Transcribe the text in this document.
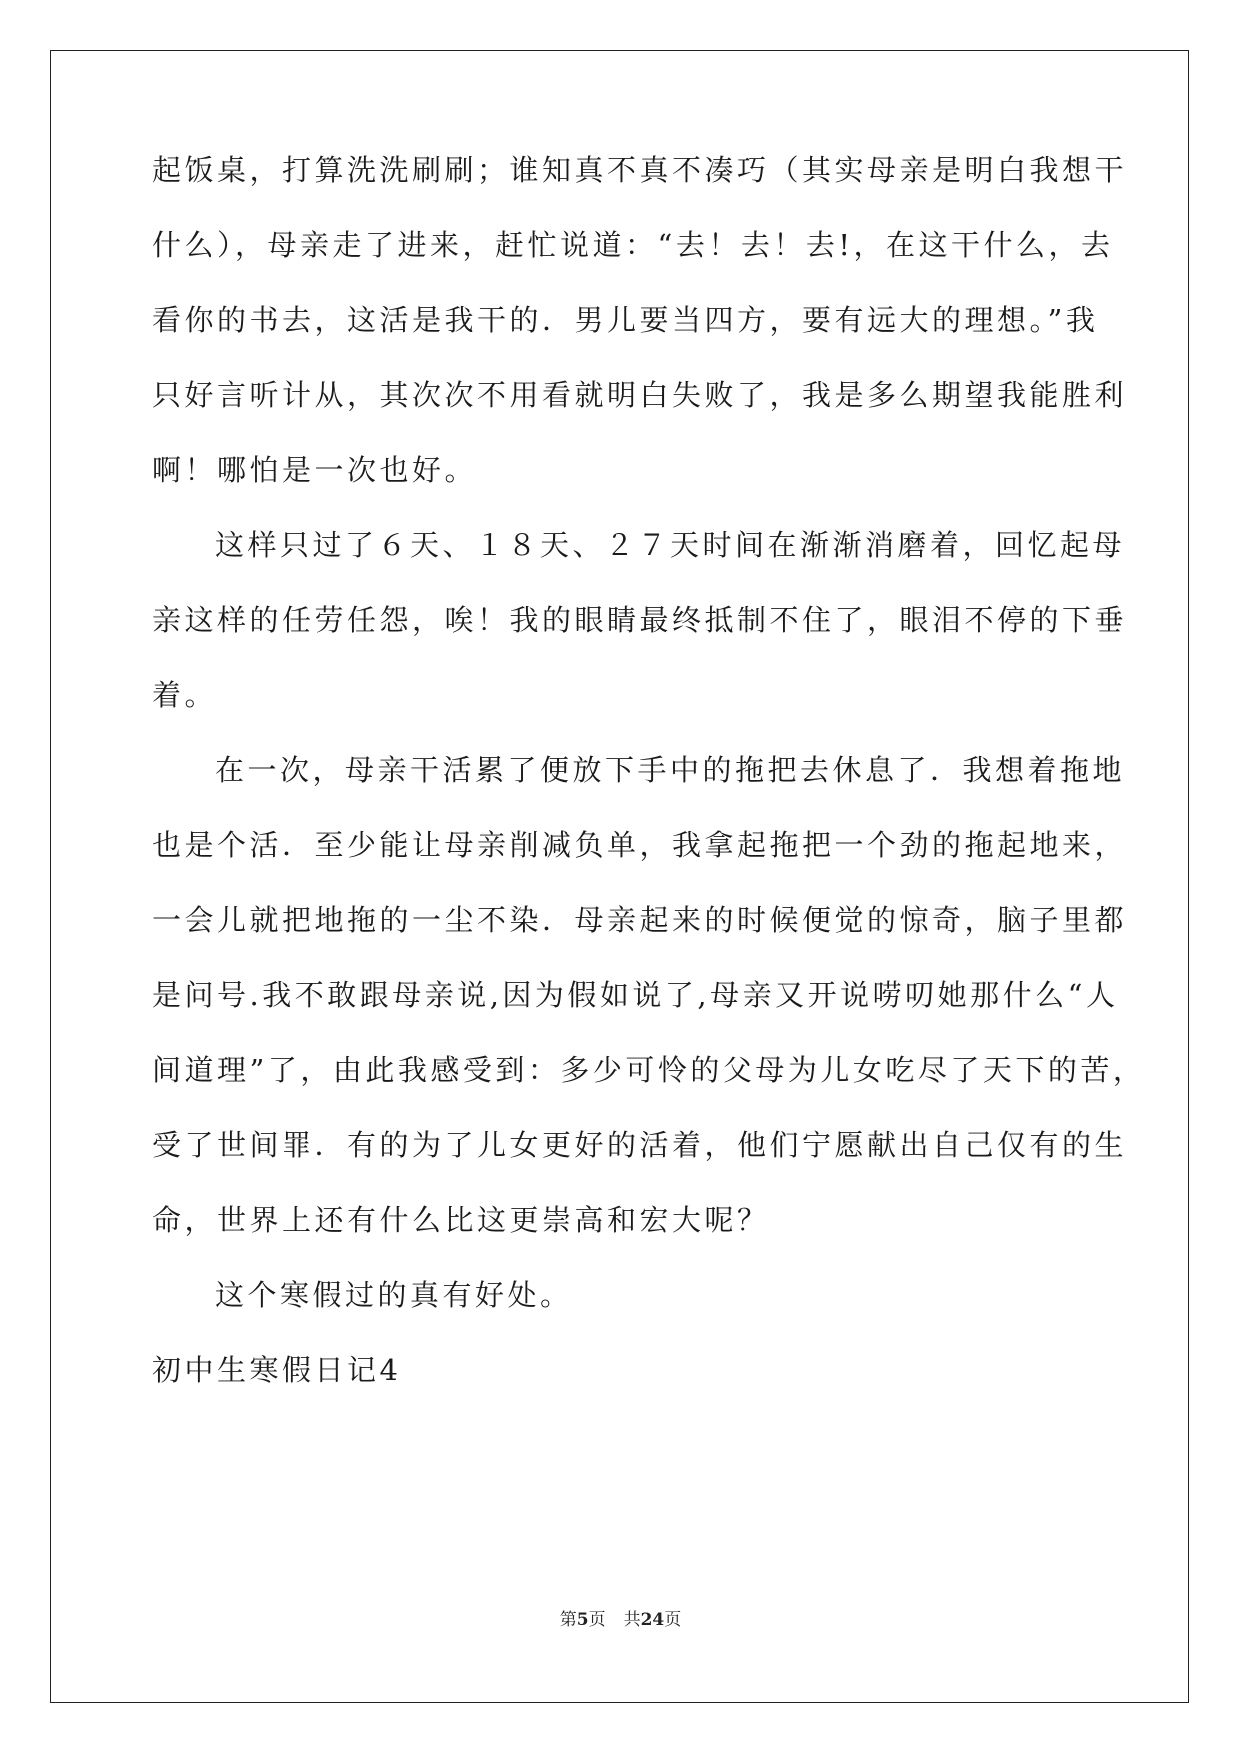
起饭桌，打算洗洗刷刷；谁知真不真不凑巧（其实母亲是明白我想干
什么），母亲走了进来，赶忙说道：“去！去！去!，在这干什么，去
看你的书去，这活是我干的．男儿要当四方，要有远大的理想。”我
只好言听计从，其次次不用看就明白失败了，我是多么期望我能胜利
啊！哪怕是一次也好。
这样只过了６天、１８天、２７天时间在渐渐消磨着，回忆起母
亲这样的任劳任怨，唉！我的眼睛最终抵制不住了，眼泪不停的下垂
着。
在一次，母亲干活累了便放下手中的拖把去休息了．我想着拖地
也是个活．至少能让母亲削减负单，我拿起拖把一个劲的拖起地来，
一会儿就把地拖的一尘不染．母亲起来的时候便觉的惊奇，脑子里都
是问号.我不敢跟母亲说,因为假如说了,母亲又开说唠叨她那什么“人
间道理”了，由此我感受到：多少可怜的父母为儿女吃尽了天下的苦，
受了世间罪．有的为了儿女更好的活着，他们宁愿献出自己仅有的生
命，世界上还有什么比这更崇高和宏大呢？
这个寒假过的真有好处。
初中生寒假日记4
第5页 共24页
